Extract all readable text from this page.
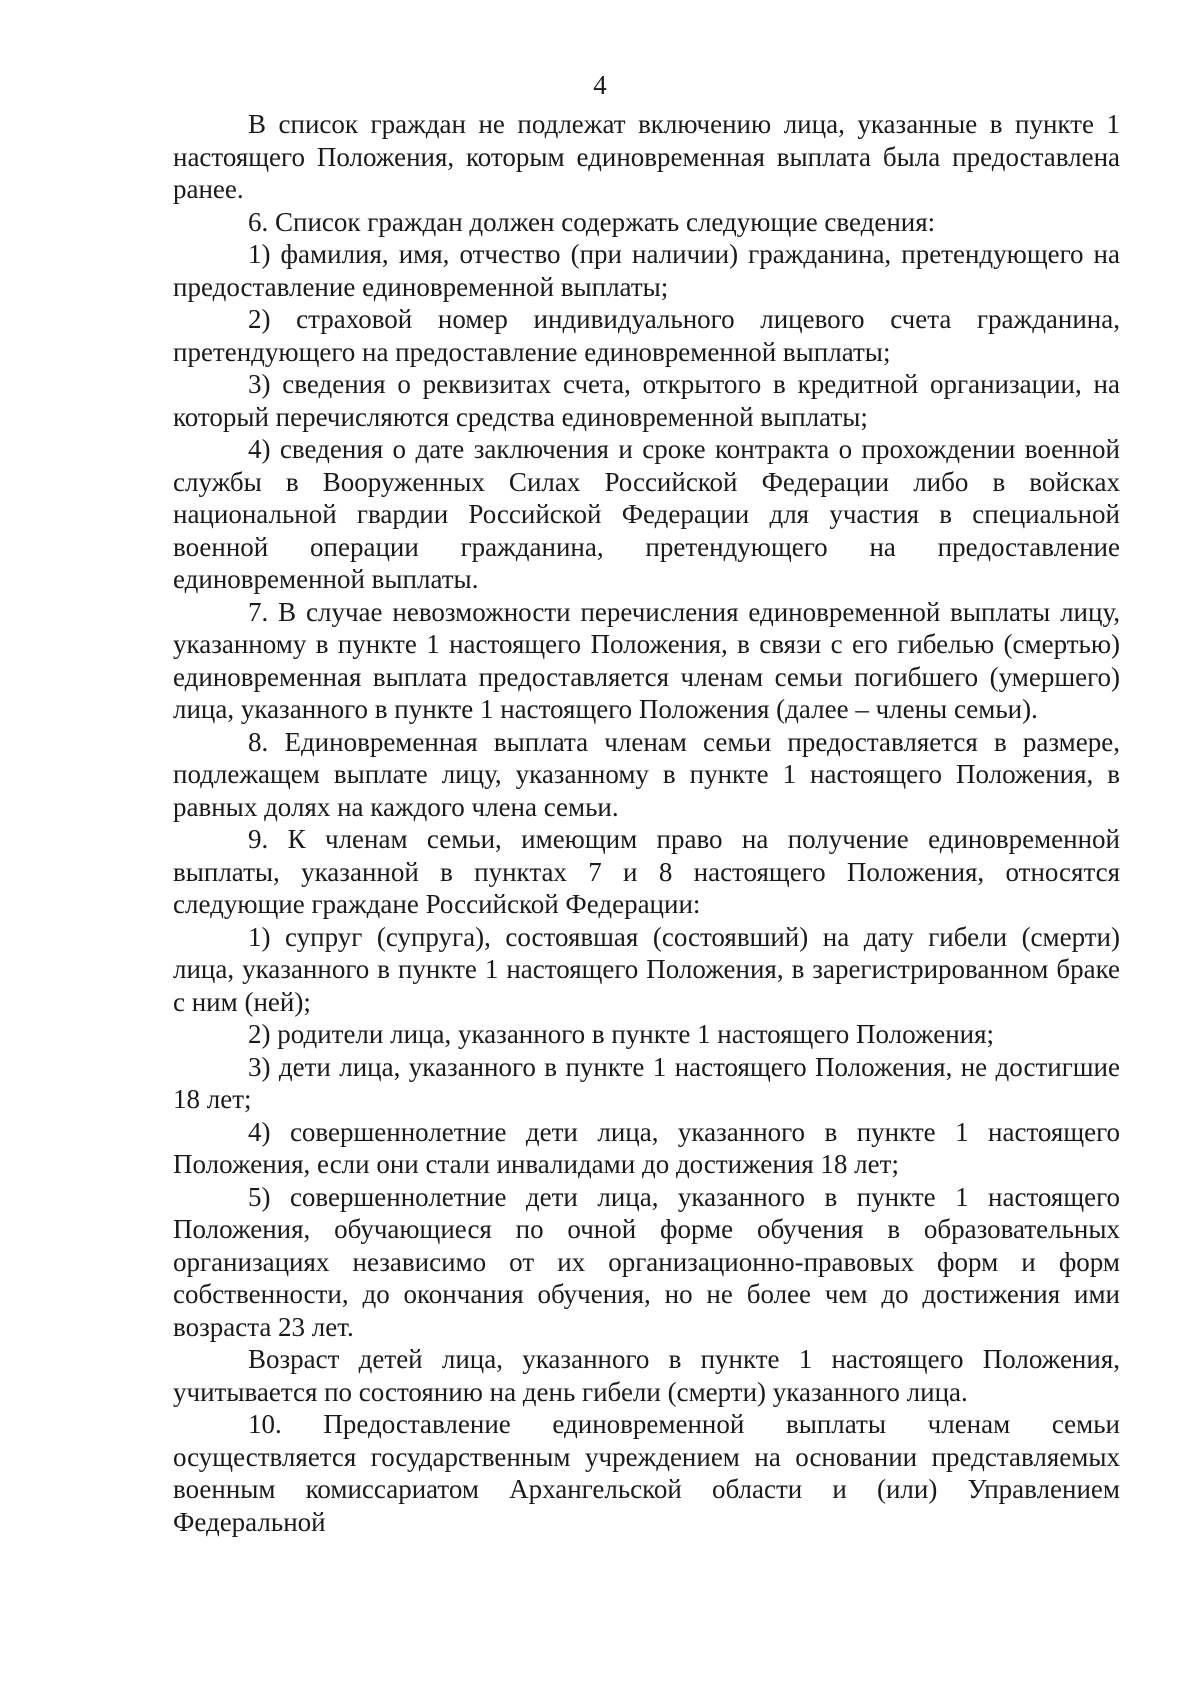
4

В список граждан не подлежат включению лица, указанные в пункте 1 настоящего Положения, которым единовременная выплата была предоставлена ранее.

6. Список граждан должен содержать следующие сведения:

1) фамилия, имя, отчество (при наличии) гражданина, претендующего на предоставление единовременной выплаты;

2) страховой номер индивидуального лицевого счета гражданина, претендующего на предоставление единовременной выплаты;

3) сведения о реквизитах счета, открытого в кредитной организации, на который перечисляются средства единовременной выплаты;

4) сведения о дате заключения и сроке контракта о прохождении военной службы в Вооруженных Силах Российской Федерации либо в войсках национальной гвардии Российской Федерации для участия в специальной военной операции гражданина, претендующего на предоставление единовременной выплаты.

7. В случае невозможности перечисления единовременной выплаты лицу, указанному в пункте 1 настоящего Положения, в связи с его гибелью (смертью) единовременная выплата предоставляется членам семьи погибшего (умершего) лица, указанного в пункте 1 настоящего Положения (далее – члены семьи).

8. Единовременная выплата членам семьи предоставляется в размере, подлежащем выплате лицу, указанному в пункте 1 настоящего Положения, в равных долях на каждого члена семьи.

9. К членам семьи, имеющим право на получение единовременной выплаты, указанной в пунктах 7 и 8 настоящего Положения, относятся следующие граждане Российской Федерации:

1) супруг (супруга), состоявшая (состоявший) на дату гибели (смерти) лица, указанного в пункте 1 настоящего Положения, в зарегистрированном браке с ним (ней);

2) родители лица, указанного в пункте 1 настоящего Положения;

3) дети лица, указанного в пункте 1 настоящего Положения, не достигшие 18 лет;

4) совершеннолетние дети лица, указанного в пункте 1 настоящего Положения, если они стали инвалидами до достижения 18 лет;

5) совершеннолетние дети лица, указанного в пункте 1 настоящего Положения, обучающиеся по очной форме обучения в образовательных организациях независимо от их организационно-правовых форм и форм собственности, до окончания обучения, но не более чем до достижения ими возраста 23 лет.

Возраст детей лица, указанного в пункте 1 настоящего Положения, учитывается по состоянию на день гибели (смерти) указанного лица.

10. Предоставление единовременной выплаты членам семьи осуществляется государственным учреждением на основании представляемых военным комиссариатом Архангельской области и (или) Управлением Федеральной
